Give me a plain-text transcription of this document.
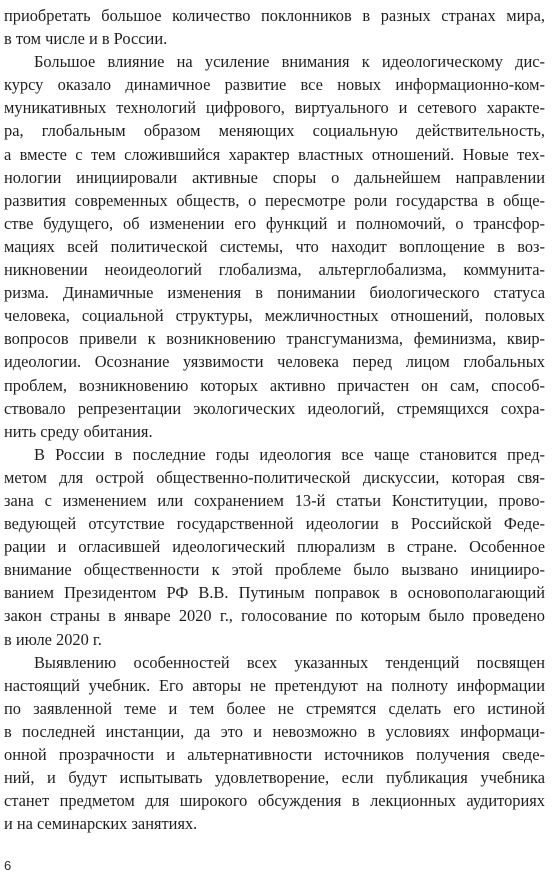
приобретать большое количество поклонников в разных странах мира,
в том числе и в России.
Большое влияние на усиление внимания к идеологическому дис-
курсу оказало динамичное развитие все новых информационно-ком-
муникативных технологий цифрового, виртуального и сетевого характе-
ра, глобальным образом меняющих социальную действительность,
а вместе с тем сложившийся характер властных отношений. Новые тех-
нологии инициировали активные споры о дальнейшем направлении
развития современных обществ, о пересмотре роли государства в обще-
стве будущего, об изменении его функций и полномочий, о трансфор-
мациях всей политической системы, что находит воплощение в воз-
никновении неоидеологий глобализма, альтерглобализма, коммунита-
ризма. Динамичные изменения в понимании биологического статуса
человека, социальной структуры, межличностных отношений, половых
вопросов привели к возникновению трансгуманизма, феминизма, квир-
идеологии. Осознание уязвимости человека перед лицом глобальных
проблем, возникновению которых активно причастен он сам, способ-
ствовало репрезентации экологических идеологий, стремящихся сохра-
нить среду обитания.
В России в последние годы идеология все чаще становится пред-
метом для острой общественно-политической дискуссии, которая свя-
зана с изменением или сохранением 13-й статьи Конституции, прово-
ведующей отсутствие государственной идеологии в Российской Феде-
рации и огласившей идеологический плюрализм в стране. Особенное
внимание общественности к этой проблеме было вызвано иницииро-
ванием Президентом РФ В.В. Путиным поправок в основополагающий
закон страны в январе 2020 г., голосование по которым было проведено
в июле 2020 г.
Выявлению особенностей всех указанных тенденций посвящен
настоящий учебник. Его авторы не претендуют на полноту информации
по заявленной теме и тем более не стремятся сделать его истиной
в последней инстанции, да это и невозможно в условиях информаци-
онной прозрачности и альтернативности источников получения сведе-
ний, и будут испытывать удовлетворение, если публикация учебника
станет предметом для широкого обсуждения в лекционных аудиториях
и на семинарских занятиях.
6
